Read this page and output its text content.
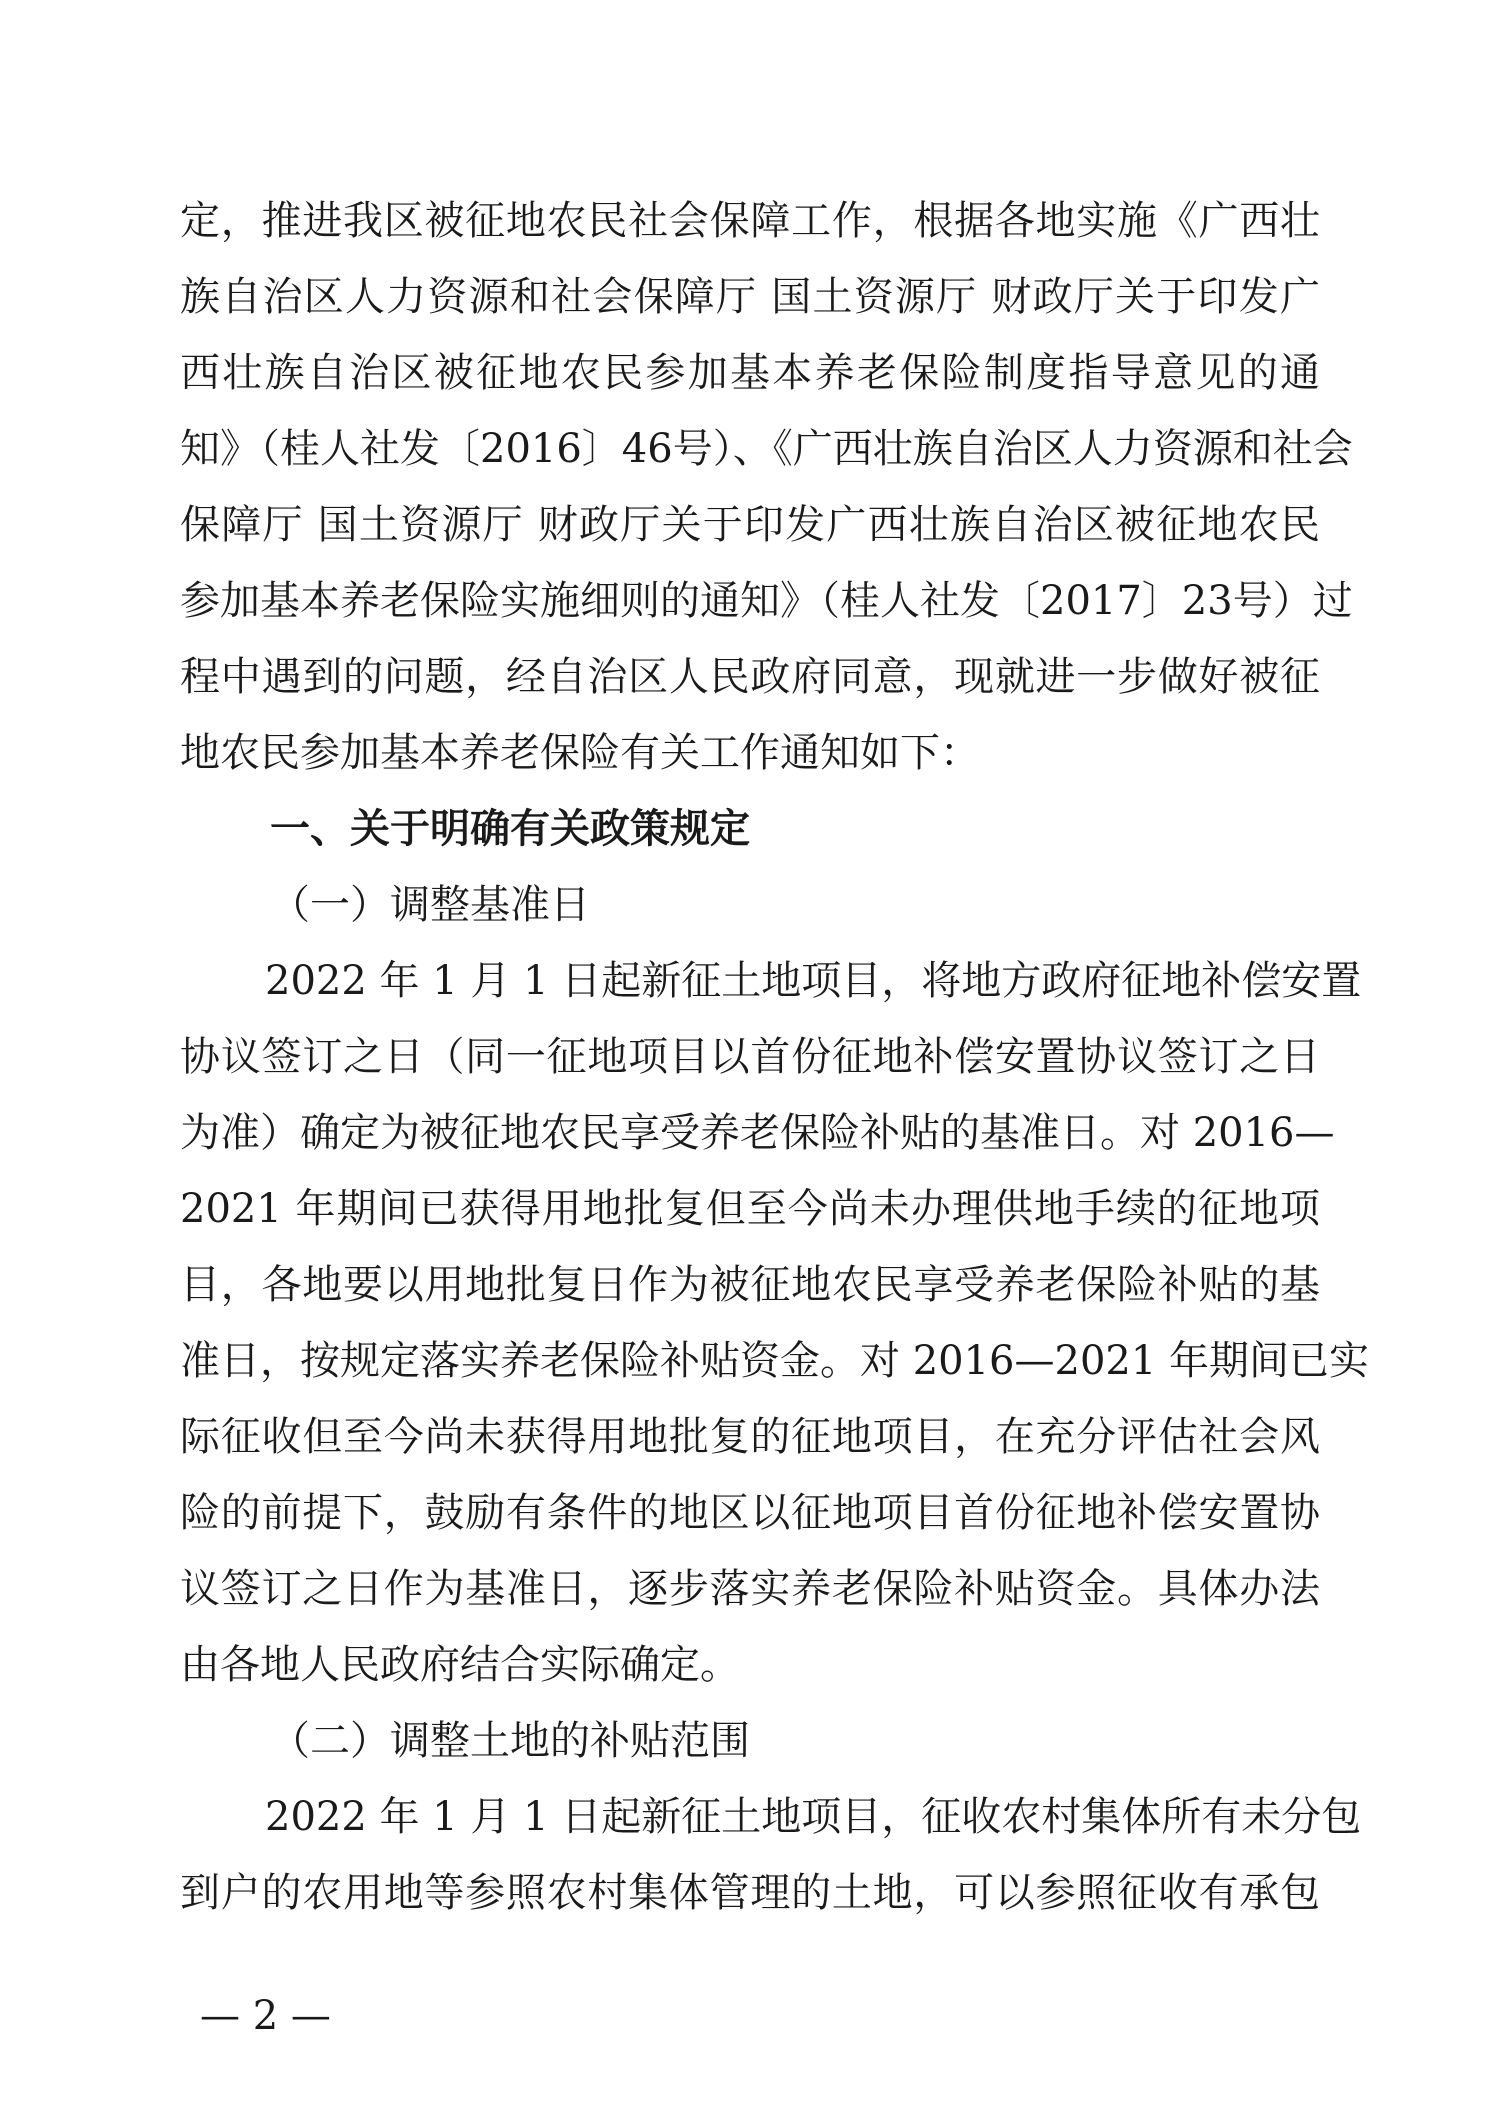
定，推进我区被征地农民社会保障工作，根据各地实施《广西壮
族自治区人力资源和社会保障厅 国土资源厅 财政厅关于印发广
西壮族自治区被征地农民参加基本养老保险制度指导意见的通
知》（桂人社发〔2016〕46号）、《广西壮族自治区人力资源和社会
保障厅 国土资源厅 财政厅关于印发广西壮族自治区被征地农民
参加基本养老保险实施细则的通知》（桂人社发〔2017〕23号）过
程中遇到的问题，经自治区人民政府同意，现就进一步做好被征
地农民参加基本养老保险有关工作通知如下：
一、关于明确有关政策规定
（一）调整基准日
2022 年 1 月 1 日起新征土地项目，将地方政府征地补偿安置
协议签订之日（同一征地项目以首份征地补偿安置协议签订之日
为准）确定为被征地农民享受养老保险补贴的基准日。对 2016—
2021 年期间已获得用地批复但至今尚未办理供地手续的征地项
目，各地要以用地批复日作为被征地农民享受养老保险补贴的基
准日，按规定落实养老保险补贴资金。对 2016—2021 年期间已实
际征收但至今尚未获得用地批复的征地项目，在充分评估社会风
险的前提下，鼓励有条件的地区以征地项目首份征地补偿安置协
议签订之日作为基准日，逐步落实养老保险补贴资金。具体办法
由各地人民政府结合实际确定。
（二）调整土地的补贴范围
2022 年 1 月 1 日起新征土地项目，征收农村集体所有未分包
到户的农用地等参照农村集体管理的土地，可以参照征收有承包
— 2 —
